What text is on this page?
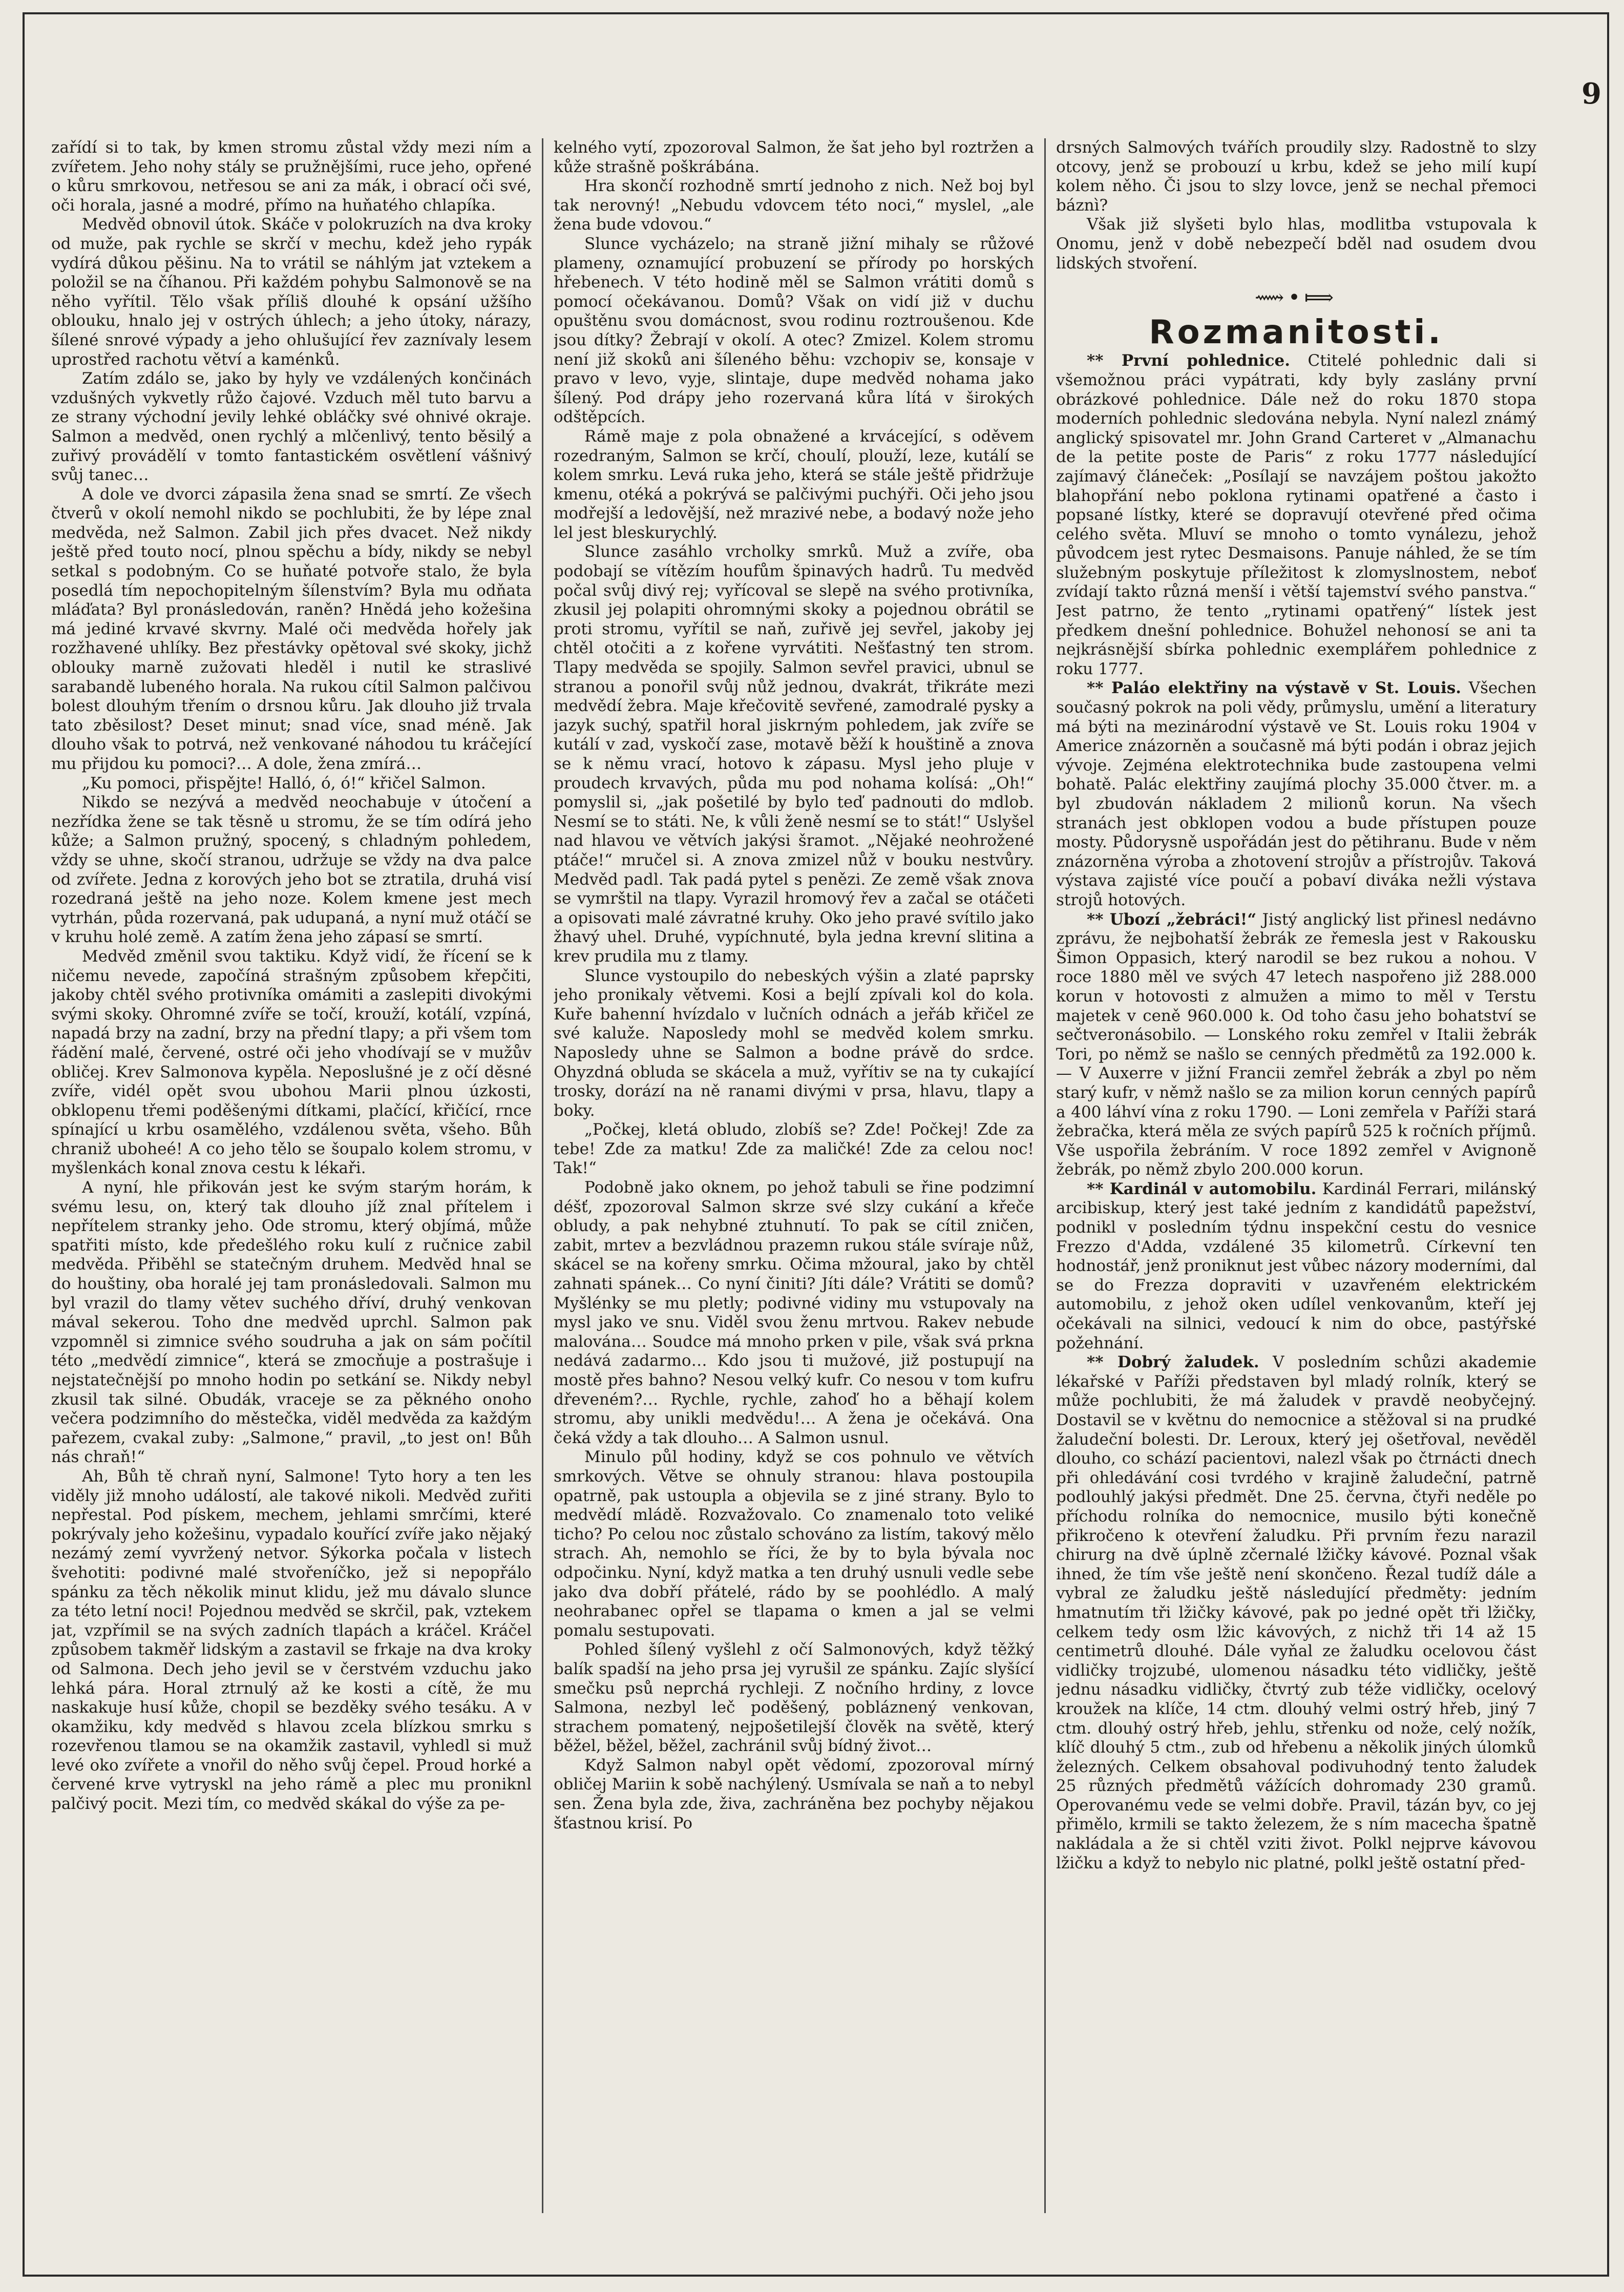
9

zařídí si to tak, by kmen stromu zůstal vždy mezi ním a zvířetem. Jeho nohy stály se pružnějšími, ruce jeho, opřené o kůru smrkovou, netřesou se ani za mák, i obrací oči své, oči horala, jasné a modré, přímo na huňatého chlapíka.

Medvěd obnovil útok. Skáče v polokruzích na dva kroky od muže, pak rychle se skrčí v mechu, kdež jeho rypák vydírá důkou pěšinu. Na to vrátil se náhlým jat vztekem a položil se na číhanou. Při každém pohybu Salmonově se na něho vyřítil. Tělo však příliš dlouhé k opsání užšího oblouku, hnalo jej v ostrých úhlech; a jeho útoky, nárazy, šílené snrové výpady a jeho ohlušující řev zaznívaly lesem uprostřed rachotu větví a kaménků.

Zatím zdálo se, jako by hyly ve vzdálených končinách vzdušných vykvetly růžo čajové. Vzduch měl tuto barvu a ze strany východní jevily lehké obláčky své ohnivé okraje. Salmon a medvěd, onen rychlý a mlčenlivý, tento běsilý a zuřivý provádělí v tomto fantastickém osvětlení vášnivý svůj tanec…

A dole ve dvorci zápasila žena snad se smrtí. Ze všech čtverů v okolí nemohl nikdo se pochlubiti, že by lépe znal medvěda, než Salmon. Zabil jich přes dvacet. Než nikdy ještě před touto nocí, plnou spěchu a bídy, nikdy se nebyl setkal s podobným. Co se huňaté potvoře stalo, že byla posedlá tím nepochopitelným šílenstvím? Byla mu odňata mláďata? Byl pronásledován, raněn? Hnědá jeho kožešina má jediné krvavé skvrny. Malé oči medvěda hořely jak rozžhavené uhlíky. Bez přestávky opětoval své skoky, jichž oblouky marně zužovati hleděl i nutil ke straslivé sarabandě lubeného horala. Na rukou cítil Salmon palčivou bolest dlouhým třením o drsnou kůru. Jak dlouho již trvala tato zběsilost? Deset minut; snad více, snad méně. Jak dlouho však to potrvá, než venkované náhodou tu kráčející mu přijdou ku pomoci?… A dole, žena zmírá…

„Ku pomoci, přispějte! Halló, ó, ó!“ křičel Salmon.

Nikdo se nezývá a medvěd neochabuje v útočení a nezřídka žene se tak těsně u stromu, že se tím odírá jeho kůže; a Salmon pružný, spocený, s chladným pohledem, vždy se uhne, skočí stranou, udržuje se vždy na dva palce od zvířete. Jedna z korových jeho bot se ztratila, druhá visí rozedraná ještě na jeho noze. Kolem kmene jest mech vytrhán, půda rozervaná, pak udupaná, a nyní muž otáčí se v kruhu holé země. A zatím žena jeho zápasí se smrtí.

Medvěd změnil svou taktiku. Když vidí, že řícení se k ničemu nevede, započíná strašným způsobem křepčiti, jakoby chtěl svého protivníka omámiti a zaslepiti divokými svými skoky. Ohromné zvíře se točí, krouží, kotálí, vzpíná, napadá brzy na zadní, brzy na přední tlapy; a při všem tom řádění malé, červené, ostré oči jeho vhodívají se v mužův obličej. Krev Salmonova kypěla. Neposlušné je z očí děsné zvíře, vidél opět svou ubohou Marii plnou úzkosti, obklopenu třemi poděšenými dítkami, plačící, křičící, rnce spínající u krbu osamělého, vzdálenou světa, všeho. Bůh chraniž uboheé! A co jeho tělo se šoupalo kolem stromu, v myšlenkách konal znova cestu k lékaři.

A nyní, hle přikován jest ke svým starým horám, k svému lesu, on, který tak dlouho jíž znal přítelem i nepřítelem stranky jeho. Ode stromu, který objímá, může spatřiti místo, kde předešlého roku kulí z ručnice zabil medvěda. Přiběhl se statečným druhem. Medvěd hnal se do houštiny, oba horalé jej tam pronásledovali. Salmon mu byl vrazil do tlamy větev suchého dříví, druhý venkovan mával sekerou. Toho dne medvěd uprchl. Salmon pak vzpomněl si zimnice svého soudruha a jak on sám počítil této „medvědí zimnice“, která se zmocňuje a postrašuje i nejstatečnější po mnoho hodin po setkání se. Nikdy nebyl zkusil tak silné. Obudák, vraceje se za pěkného onoho večera podzimního do městečka, viděl medvěda za každým pařezem, cvakal zuby: „Salmone,“ pravil, „to jest on! Bůh nás chraň!“

Ah, Bůh tě chraň nyní, Salmone! Tyto hory a ten les viděly již mnoho událostí, ale takové nikoli. Medvěd zuřiti nepřestal. Pod pískem, mechem, jehlami smrčími, které pokrývaly jeho kožešinu, vypadalo kouřící zvíře jako nějaký nezámý zemí vyvržený netvor. Sýkorka počala v listech švehotiti: podivné malé stvořeníčko, jež si nepopřálo spánku za těch několik minut klidu, jež mu dávalo slunce za této letní noci! Pojednou medvěd se skrčil, pak, vztekem jat, vzpřímil se na svých zadních tlapách a kráčel. Kráčel způsobem takměř lidským a zastavil se frkaje na dva kroky od Salmona. Dech jeho jevil se v čerstvém vzduchu jako lehká pára. Horal ztrnulý až ke kosti a cítě, že mu naskakuje husí kůže, chopil se bezděky svého tesáku. A v okamžiku, kdy medvěd s hlavou zcela blízkou smrku s rozevřenou tlamou se na okamžik zastavil, vyhledl si muž levé oko zvířete a vnořil do něho svůj čepel. Proud horké a červené krve vytryskl na jeho rámě a plec mu proniknl palčivý pocit. Mezi tím, co medvěd skákal do výše za pe-

kelného vytí, zpozoroval Salmon, že šat jeho byl roztržen a kůže strašně poškrábána.

Hra skončí rozhodně smrtí jednoho z nich. Než boj byl tak nerovný! „Nebudu vdovcem této noci,“ myslel, „ale žena bude vdovou.“

Slunce vycházelo; na straně jižní mihaly se růžové plameny, oznamující probuzení se přírody po horských hřebenech. V této hodině měl se Salmon vrátiti domů s pomocí očekávanou. Domů? Však on vidí již v duchu opuštěnu svou domácnost, svou rodinu roztroušenou. Kde jsou dítky? Žebrají v okolí. A otec? Zmizel. Kolem stromu není již skoků ani šíleného běhu: vzchopiv se, konsaje v pravo v levo, vyje, slintaje, dupe medvěd nohama jako šílený. Pod drápy jeho rozervaná kůra lítá v širokých odštěpcích.

Rámě maje z pola obnažené a krvácející, s oděvem rozedraným, Salmon se krčí, choulí, plouží, leze, kutálí se kolem smrku. Levá ruka jeho, která se stále ještě přidržuje kmenu, otéká a pokrývá se palčivými puchýři. Oči jeho jsou modřejší a ledovější, než mrazivé nebe, a bodavý nože jeho lel jest bleskurychlý.

Slunce zasáhlo vrcholky smrků. Muž a zvíře, oba podobají se vítězím houfům špinavých hadrů. Tu medvěd počal svůj divý rej; vyřícoval se slepě na svého protivníka, zkusil jej polapiti ohromnými skoky a pojednou obrátil se proti stromu, vyřítil se naň, zuřivě jej sevřel, jakoby jej chtěl otočiti a z kořene vyrvátiti. Nešťastný ten strom. Tlapy medvěda se spojily. Salmon sevřel pravici, ubnul se stranou a ponořil svůj nůž jednou, dvakrát, třikráte mezi medvědí žebra. Maje křečovitě sevřené, zamodralé pysky a jazyk suchý, spatřil horal jiskrným pohledem, jak zvíře se kutálí v zad, vyskočí zase, motavě běží k houštině a znova se k němu vrací, hotovo k zápasu. Mysl jeho pluje v proudech krvavých, půda mu pod nohama kolísá: „Oh!“ pomyslil si, „jak pošetilé by bylo teď padnouti do mdlob. Nesmí se to státi. Ne, k vůli ženě nesmí se to stát!“ Uslyšel nad hlavou ve větvích jakýsi šramot. „Nějaké neohrožené ptáče!“ mručel si. A znova zmizel nůž v bouku nestvůry. Medvěd padl. Tak padá pytel s penězi. Ze země však znova se vymrštil na tlapy. Vyrazil hromový řev a začal se otáčeti a opisovati malé závratné kruhy. Oko jeho pravé svítilo jako žhavý uhel. Druhé, vypíchnuté, byla jedna krevní slitina a krev prudila mu z tlamy.

Slunce vystoupilo do nebeských výšin a zlaté paprsky jeho pronikaly větvemi. Kosi a bejlí zpívali kol do kola. Kuře bahenní hvízdalo v lučních odnách a jeřáb křičel ze své kaluže. Naposledy mohl se medvěd kolem smrku. Naposledy uhne se Salmon a bodne právě do srdce. Ohyzdná obluda se skácela a muž, vyřítiv se na ty cukající trosky, dorází na ně ranami divými v prsa, hlavu, tlapy a boky.

„Počkej, kletá obludo, zlobíš se? Zde! Počkej! Zde za tebe! Zde za matku! Zde za maličké! Zde za celou noc! Tak!“

Podobně jako oknem, po jehož tabuli se řine podzimní déšť, zpozoroval Salmon skrze své slzy cukání a křeče obludy, a pak nehybné ztuhnutí. To pak se cítil zničen, zabit, mrtev a bezvládnou prazemn rukou stále svíraje nůž, skácel se na kořeny smrku. Očima mžoural, jako by chtěl zahnati spánek… Co nyní činiti? Jíti dále? Vrátiti se domů? Myšlénky se mu pletly; podivné vidiny mu vstupovaly na mysl jako ve snu. Viděl svou ženu mrtvou. Rakev nebude malována… Soudce má mnoho prken v pile, však svá prkna nedává zadarmo… Kdo jsou ti mužové, již postupují na mostě přes bahno? Nesou velký kufr. Co nesou v tom kufru dřeveném?… Rychle, rychle, zahoď ho a běhají kolem stromu, aby unikli medvědu!… A žena je očekává. Ona čeká vždy a tak dlouho… A Salmon usnul.

Minulo půl hodiny, když se cos pohnulo ve větvích smrkových. Větve se ohnuly stranou: hlava postoupila opatrně, pak ustoupla a objevila se z jiné strany. Bylo to medvědí mládě. Rozvažovalo. Co znamenalo toto veliké ticho? Po celou noc zůstalo schováno za listím, takový mělo strach. Ah, nemohlo se říci, že by to byla bývala noc odpočinku. Nyní, když matka a ten druhý usnuli vedle sebe jako dva dobří přátelé, rádo by se poohlédlo. A malý neohrabanec opřel se tlapama o kmen a jal se velmi pomalu sestupovati.

Pohled šílený vyšlehl z očí Salmonových, když těžký balík spadší na jeho prsa jej vyrušil ze spánku. Zajíc slyšící smečku psů neprchá rychleji. Z nočního hrdiny, z lovce Salmona, nezbyl leč poděšený, pobláznený venkovan, strachem pomatený, nejpošetilejší člověk na světě, který běžel, běžel, běžel, zachránil svůj bídný život…

Když Salmon nabyl opět vědomí, zpozoroval mírný obličej Mariin k sobě nachýlený. Usmívala se naň a to nebyl sen. Žena byla zde, živa, zachráněna bez pochyby nějakou šťastnou krisí. Po

drsných Salmových tvářích proudily slzy. Radostně to slzy otcovy, jenž se probouzí u krbu, kdež se jeho milí kupí kolem něho. Či jsou to slzy lovce, jenž se nechal přemoci báznì?

Však již slyšeti bylo hlas, modlitba vstupovala k Onomu, jenž v době nebezpečí bděl nad osudem dvou lidských stvoření.

⟿•⟾
Rozmanitosti.

** První pohlednice. Ctitelé pohlednic dali si všemožnou práci vypátrati, kdy byly zaslány první obrázkové pohlednice. Dále než do roku 1870 stopa moderních pohlednic sledována nebyla. Nyní nalezl známý anglický spisovatel mr. John Grand Carteret v „Almanachu de la petite poste de Paris“ z roku 1777 následující zajímavý článeček: „Posílají se navzájem poštou jakožto blahopřání nebo poklona rytinami opatřené a často i popsané lístky, které se dopravují otevřené před očima celého světa. Mluví se mnoho o tomto vynálezu, jehož původcem jest rytec Desmaisons. Panuje náhled, že se tím služebným poskytuje příležitost k zlomyslnostem, neboť zvídají takto různá menší i větší tajemství svého panstva.“ Jest patrno, že tento „rytinami opatřený“ lístek jest předkem dnešní pohlednice. Bohužel nehonosí se ani ta nejkrásnější sbírka pohlednic exemplářem pohlednice z roku 1777.

** Paláo elektřiny na výstavě v St. Louis. Všechen současný pokrok na poli vědy, průmyslu, umění a literatury má býti na mezinárodní výstavě ve St. Louis roku 1904 v Americe znázorněn a současně má býti podán i obraz jejich vývoje. Zejména elektrotechnika bude zastoupena velmi bohatě. Palác elektřiny zaujímá plochy 35.000 čtver. m. a byl zbudován nákladem 2 milionů korun. Na všech stranách jest obklopen vodou a bude přístupen pouze mosty. Půdorysně uspořádán jest do pětihranu. Bude v něm znázorněna výroba a zhotovení strojův a přístrojův. Taková výstava zajisté více poučí a pobaví diváka nežli výstava strojů hotových.

** Ubozí „žebráci!“ Jistý anglický list přinesl nedávno zprávu, že nejbohatší žebrák ze řemesla jest v Rakousku Šimon Oppasich, který narodil se bez rukou a nohou. V roce 1880 měl ve svých 47 letech naspořeno již 288.000 korun v hotovosti z almužen a mimo to měl v Terstu majetek v ceně 960.000 k. Od toho času jeho bohatství se sečtveronásobilo. — Lonského roku zemřel v Italii žebrák Tori, po němž se našlo se cenných předmětů za 192.000 k. — V Auxerre v jižní Francii zemřel žebrák a zbyl po něm starý kufr, v němž našlo se za milion korun cenných papírů a 400 láhví vína z roku 1790. — Loni zemřela v Paříži stará žebračka, která měla ze svých papírů 525 k ročních příjmů. Vše uspořila žebráním. V roce 1892 zemřel v Avignoně žebrák, po němž zbylo 200.000 korun.

** Kardinál v automobilu. Kardinál Ferrari, milánský arcibiskup, který jest také jedním z kandidátů papežství, podnikl v posledním týdnu inspekční cestu do vesnice Frezzo d'Adda, vzdálené 35 kilometrů. Církevní ten hodnostář, jenž proniknut jest vůbec názory moderními, dal se do Frezza dopraviti v uzavřeném elektrickém automobilu, z jehož oken udílel venkovanům, kteří jej očekávali na silnici, vedoucí k nim do obce, pastýřské požehnání.

** Dobrý žaludek. V posledním schůzi akademie lékařské v Paříži představen byl mladý rolník, který se může pochlubiti, že má žaludek v pravdě neobyčejný. Dostavil se v květnu do nemocnice a stěžoval si na prudké žaludeční bolesti. Dr. Leroux, který jej ošetřoval, nevěděl dlouho, co schází pacientovi, nalezl však po čtrnácti dnech při ohledávání cosi tvrdého v krajině žaludeční, patrně podlouhlý jakýsi předmět. Dne 25. června, čtyři neděle po příchodu rolníka do nemocnice, musilo býti konečně přikročeno k otevření žaludku. Při prvním řezu narazil chirurg na dvě úplně zčernalé lžičky kávové. Poznal však ihned, že tím vše ještě není skončeno. Řezal tudíž dále a vybral ze žaludku ještě následující předměty: jedním hmatnutím tři lžičky kávové, pak po jedné opět tři lžičky, celkem tedy osm lžic kávových, z nichž tři 14 až 15 centimetrů dlouhé. Dále vyňal ze žaludku ocelovou část vidličky trojzubé, ulomenou násadku této vidličky, ještě jednu násadku vidličky, čtvrtý zub téže vidličky, ocelový kroužek na klíče, 14 ctm. dlouhý velmi ostrý hřeb, jiný 7 ctm. dlouhý ostrý hřeb, jehlu, střenku od nože, celý nožík, klíč dlouhý 5 ctm., zub od hřebenu a několik jiných úlomků železných. Celkem obsahoval podivuhodný tento žaludek 25 různých předmětů vážících dohromady 230 gramů. Operovanému vede se velmi dobře. Pravil, tázán byv, co jej přimělo, krmili se takto železem, že s ním macecha špatně nakládala a že si chtěl vziti život. Polkl nejprve kávovou lžičku a když to nebylo nic platné, polkl ještě ostatní před-
